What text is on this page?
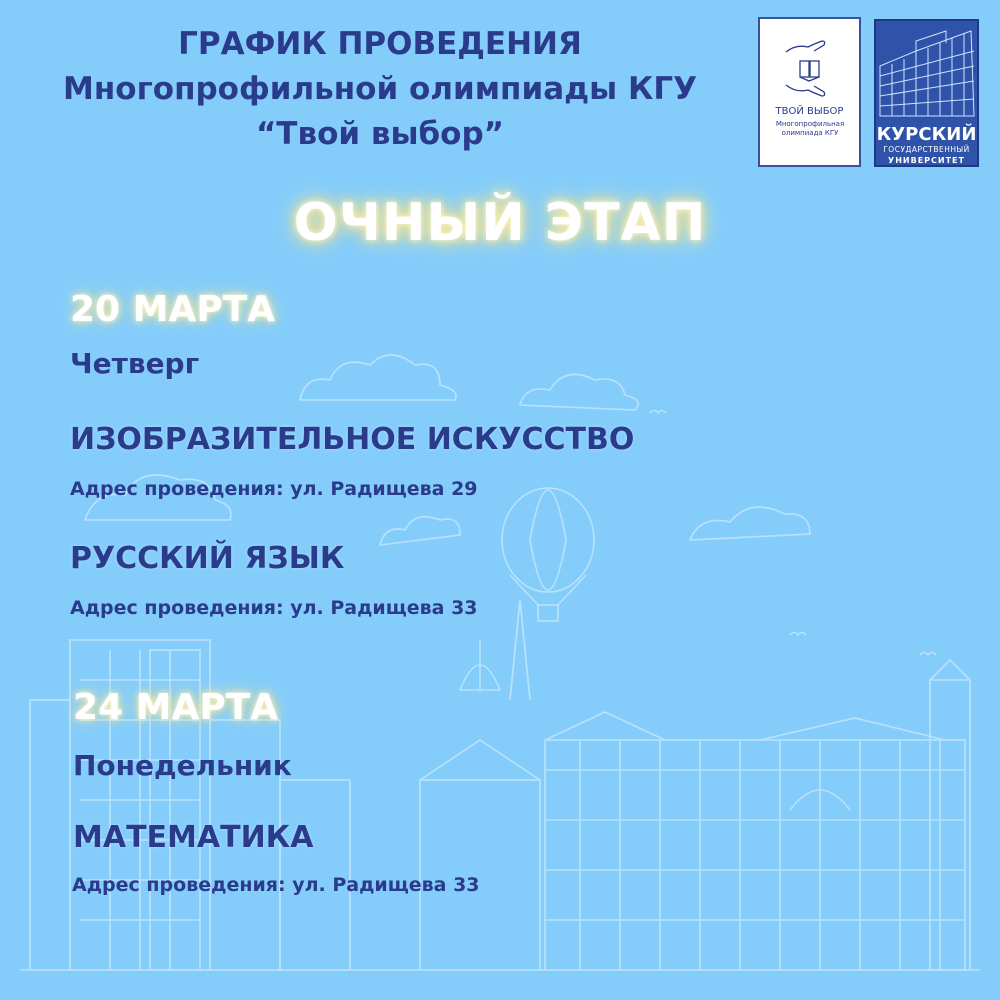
ГРАФИК ПРОВЕДЕНИЯ
Многопрофильной олимпиады КГУ
“Твой выбор”
ТВОЙ ВЫБОР
Многопрофильная олимпиада КГУ	КУРСКИЙ
ГОСУДАРСТВЕННЫЙ
УНИВЕРСИТЕТ
ОЧНЫЙ ЭТАП
20 МАРТА
Четверг
ИЗОБРАЗИТЕЛЬНОЕ ИСКУССТВО
Адрес проведения: ул. Радищева 29
РУССКИЙ ЯЗЫК
Адрес проведения: ул. Радищева 33
24 МАРТА
Понедельник
МАТЕМАТИКА
Адрес проведения: ул. Радищева 33
